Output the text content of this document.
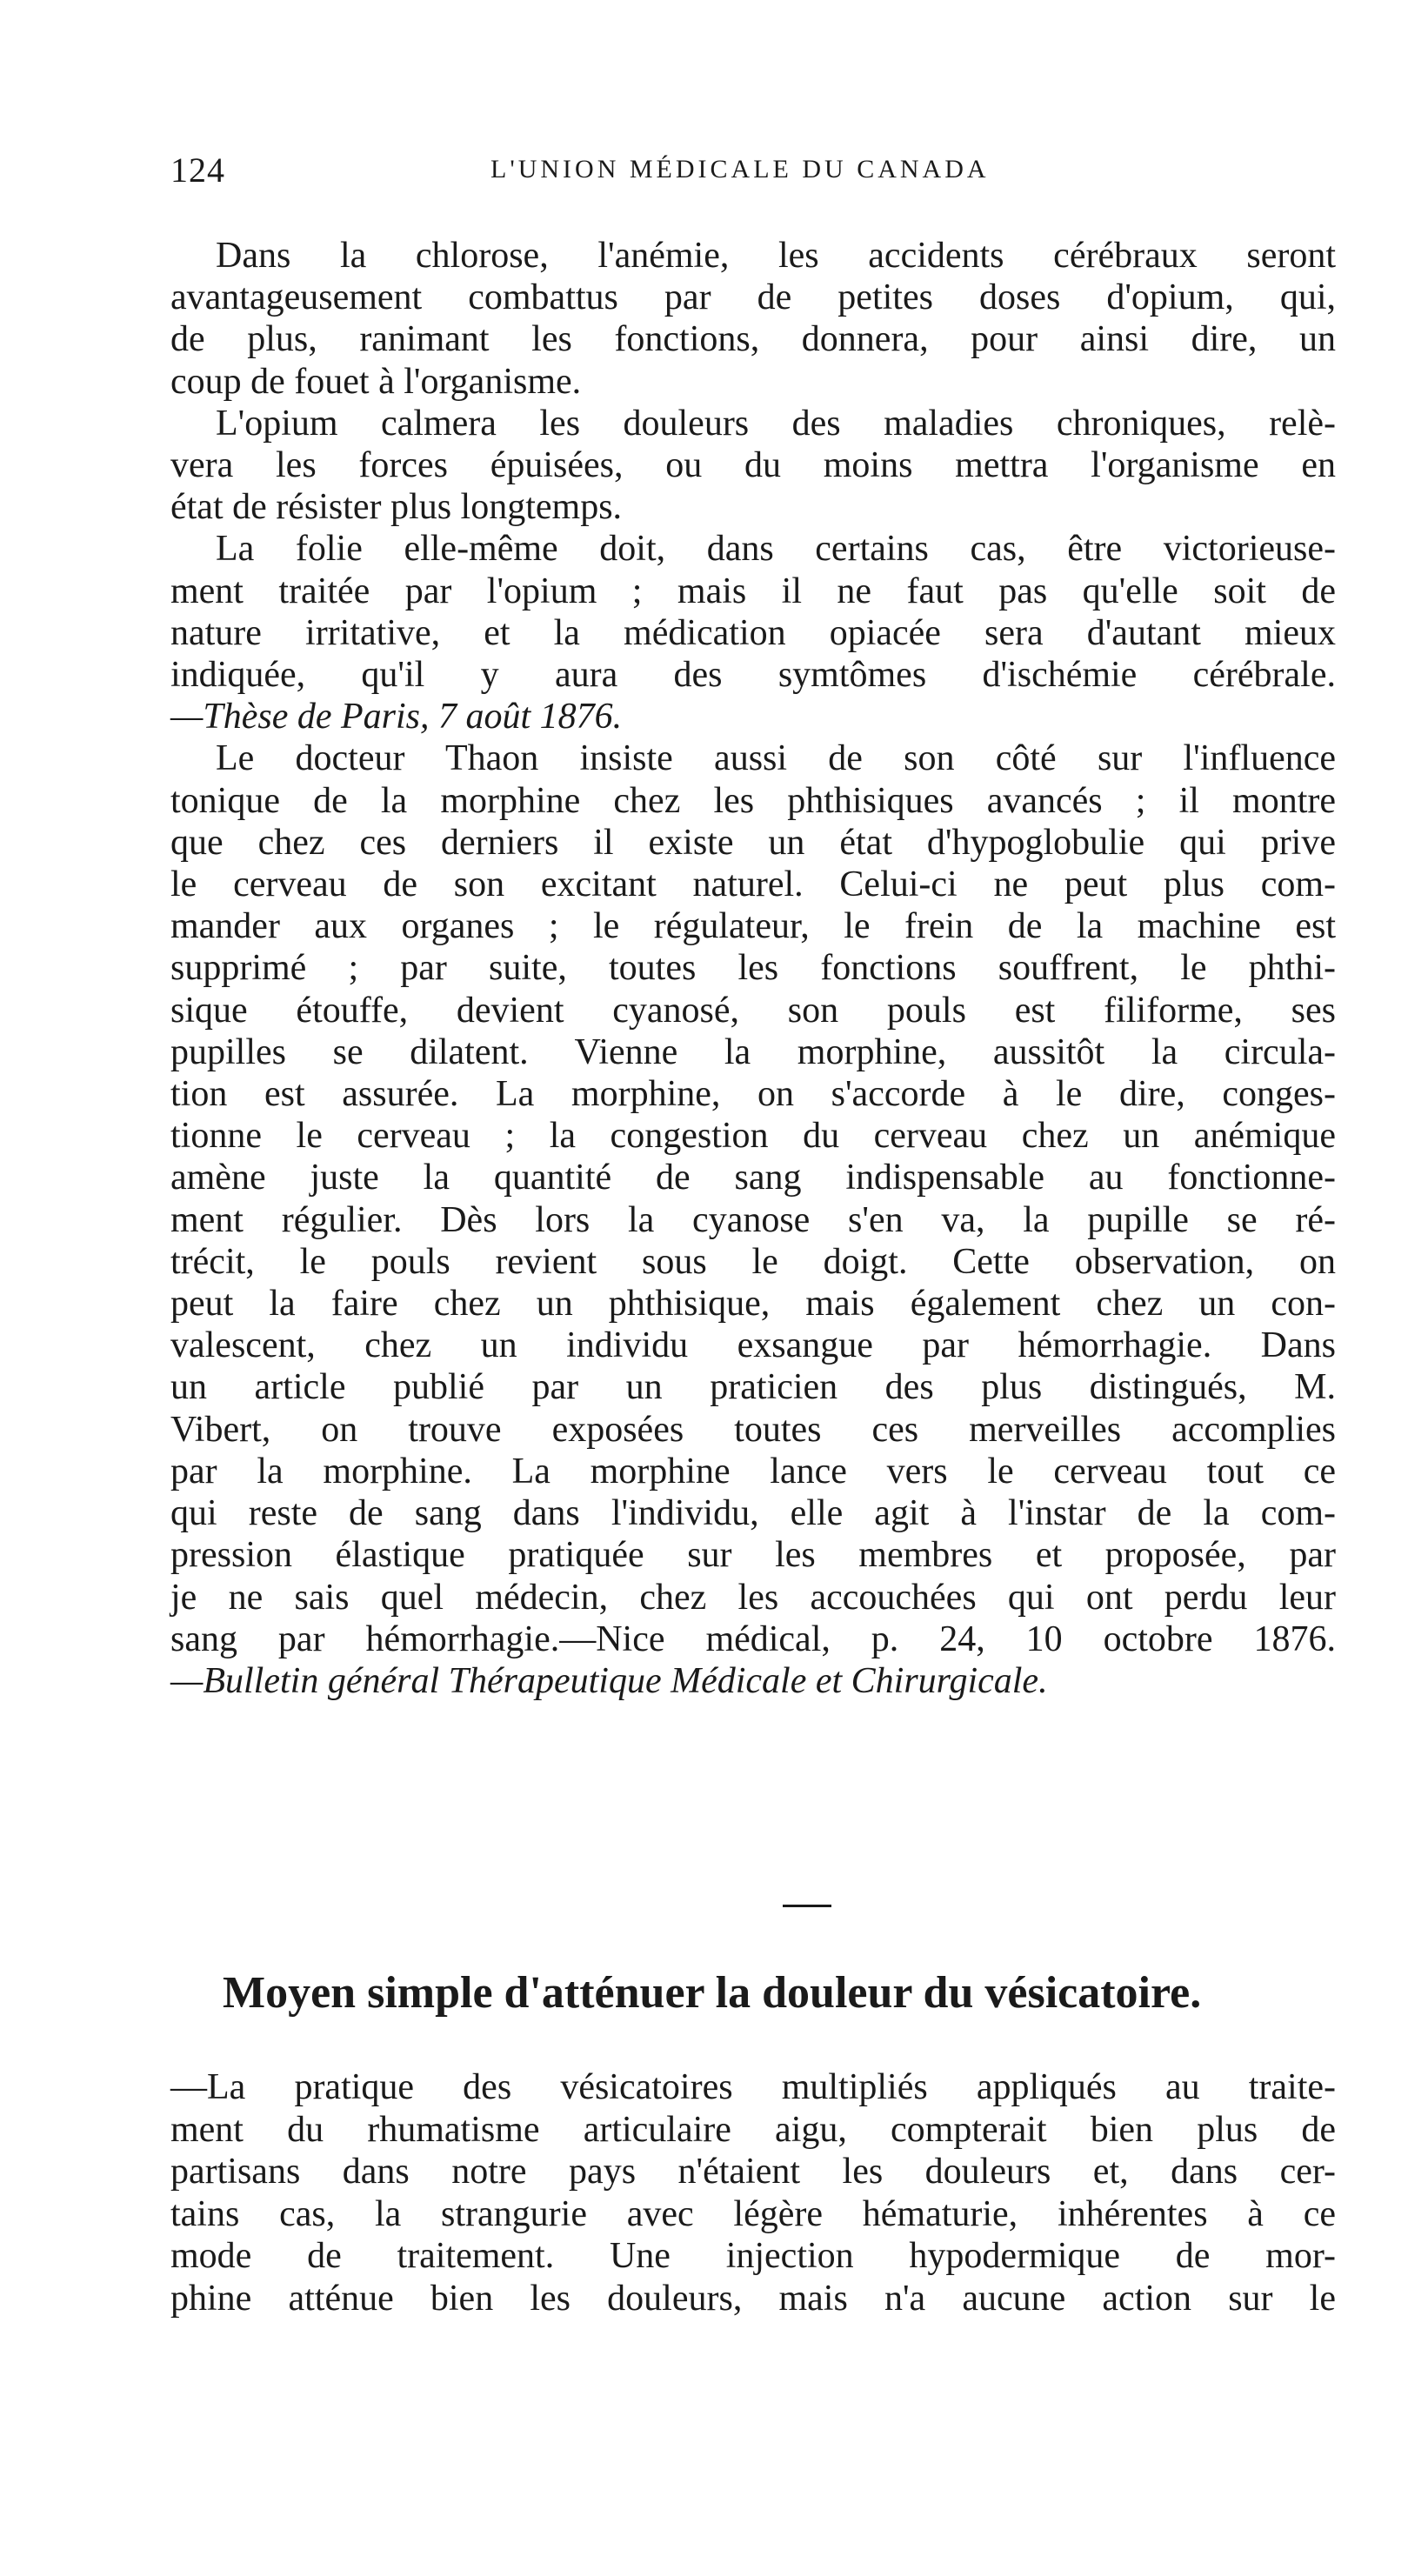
124	L'UNION MÉDICALE DU CANADA
Dans la chlorose, l'anémie, les accidents cérébraux seront
avantageusement combattus par de petites doses d'opium, qui,
de plus, ranimant les fonctions, donnera, pour ainsi dire, un
coup de fouet à l'organisme.
L'opium calmera les douleurs des maladies chroniques, relè-
vera les forces épuisées, ou du moins mettra l'organisme en
état de résister plus longtemps.
La folie elle-même doit, dans certains cas, être victorieuse-
ment traitée par l'opium ; mais il ne faut pas qu'elle soit de
nature irritative, et la médication opiacée sera d'autant mieux
indiquée, qu'il y aura des symtômes d'ischémie cérébrale.
—Thèse de Paris, 7 août 1876.
Le docteur Thaon insiste aussi de son côté sur l'influence
tonique de la morphine chez les phthisiques avancés ; il montre
que chez ces derniers il existe un état d'hypoglobulie qui prive
le cerveau de son excitant naturel. Celui-ci ne peut plus com-
mander aux organes ; le régulateur, le frein de la machine est
supprimé ; par suite, toutes les fonctions souffrent, le phthi-
sique étouffe, devient cyanosé, son pouls est filiforme, ses
pupilles se dilatent. Vienne la morphine, aussitôt la circula-
tion est assurée. La morphine, on s'accorde à le dire, conges-
tionne le cerveau ; la congestion du cerveau chez un anémique
amène juste la quantité de sang indispensable au fonctionne-
ment régulier. Dès lors la cyanose s'en va, la pupille se ré-
trécit, le pouls revient sous le doigt. Cette observation, on
peut la faire chez un phthisique, mais également chez un con-
valescent, chez un individu exsangue par hémorrhagie. Dans
un article publié par un praticien des plus distingués, M.
Vibert, on trouve exposées toutes ces merveilles accomplies
par la morphine. La morphine lance vers le cerveau tout ce
qui reste de sang dans l'individu, elle agit à l'instar de la com-
pression élastique pratiquée sur les membres et proposée, par
je ne sais quel médecin, chez les accouchées qui ont perdu leur
sang par hémorrhagie.—Nice médical, p. 24, 10 octobre 1876.
—Bulletin général Thérapeutique Médicale et Chirurgicale.
Moyen simple d'atténuer la douleur du vésicatoire.
—La pratique des vésicatoires multipliés appliqués au traite-
ment du rhumatisme articulaire aigu, compterait bien plus de
partisans dans notre pays n'étaient les douleurs et, dans cer-
tains cas, la strangurie avec légère hématurie, inhérentes à ce
mode de traitement. Une injection hypodermique de mor-
phine atténue bien les douleurs, mais n'a aucune action sur le
